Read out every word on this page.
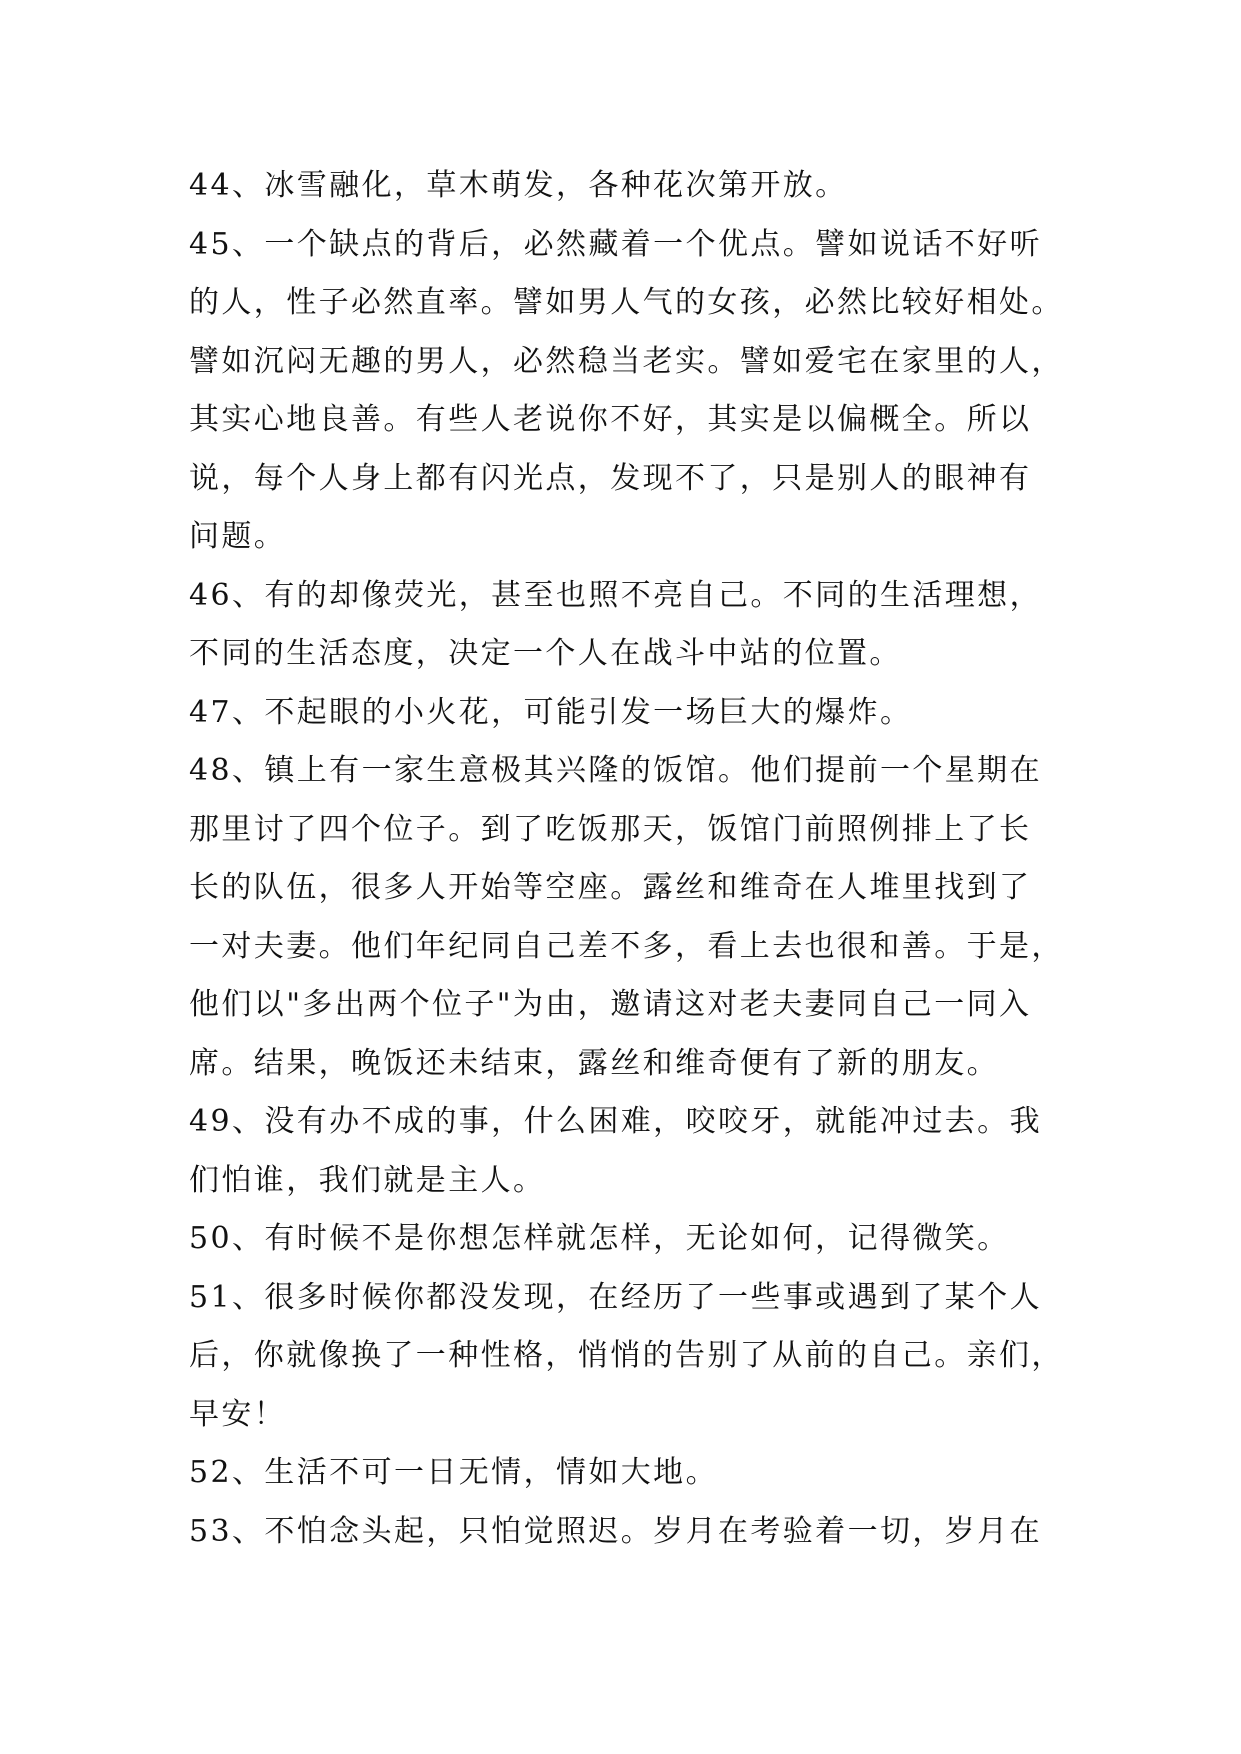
44、冰雪融化，草木萌发，各种花次第开放。
45、一个缺点的背后，必然藏着一个优点。譬如说话不好听
的人，性子必然直率。譬如男人气的女孩，必然比较好相处。
譬如沉闷无趣的男人，必然稳当老实。譬如爱宅在家里的人，
其实心地良善。有些人老说你不好，其实是以偏概全。所以
说，每个人身上都有闪光点，发现不了，只是别人的眼神有
问题。
46、有的却像荧光，甚至也照不亮自己。不同的生活理想，
不同的生活态度，决定一个人在战斗中站的位置。
47、不起眼的小火花，可能引发一场巨大的爆炸。
48、镇上有一家生意极其兴隆的饭馆。他们提前一个星期在
那里讨了四个位子。到了吃饭那天，饭馆门前照例排上了长
长的队伍，很多人开始等空座。露丝和维奇在人堆里找到了
一对夫妻。他们年纪同自己差不多，看上去也很和善。于是，
他们以"多出两个位子"为由，邀请这对老夫妻同自己一同入
席。结果，晚饭还未结束，露丝和维奇便有了新的朋友。
49、没有办不成的事，什么困难，咬咬牙，就能冲过去。我
们怕谁，我们就是主人。
50、有时候不是你想怎样就怎样，无论如何，记得微笑。
51、很多时候你都没发现，在经历了一些事或遇到了某个人
后，你就像换了一种性格，悄悄的告别了从前的自己。亲们，
早安！
52、生活不可一日无情，情如大地。
53、不怕念头起，只怕觉照迟。岁月在考验着一切，岁月在
